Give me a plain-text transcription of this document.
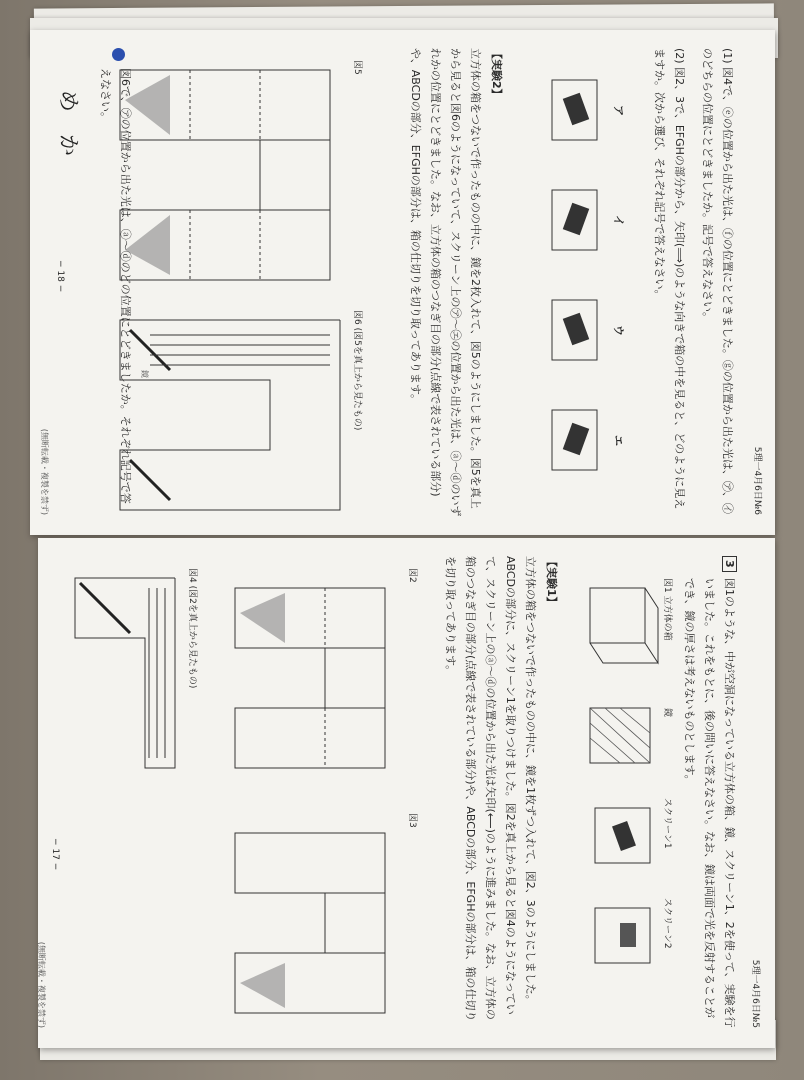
5理一4月6日№6
(1) 図4で、ⓔの位置から出た光は、ⓕの位置にとどきました。ⓖの位置から出た光は、㋐、㋑のどちらの位置にとどきましたか。記号で答えなさい。
(2) 図2、3で、EFGHの部分から、矢印(⟹)のような向きで箱の中を見ると、どのように見えますか。次から選び、それぞれ記号で答えなさい。
ア
イ
ウ
エ
【実験2】
立方体の箱をつないで作ったものの中に、鏡を2枚入れて、図5のようにしました。図5を真上から見ると図6のようになっていて、スクリーン上の㋐〜㋓の位置から出た光は、ⓐ〜ⓓのいずれかの位置にとどきました。なお、立方体の箱のつなぎ目の部分(点線で表されている部分)や、ABCDの部分、EFGHの部分は、箱の仕切りを切り取ってあります。
図5
図6 (図5を真上から見たもの)
鏡
図6で、㋐の位置から出た光は、ⓐ〜ⓓのどの位置にとどきましたか。それぞれ記号で答えなさい。
め　か
− 18 −
(無断転載・複製を禁ず)
5理一4月6日№5
3
図1のような、中が空洞になっている立方体の箱、鏡、スクリーン1、2を使って、実験を行いました。これをもとに、後の問いに答えなさい。なお、鏡は両面で光を反射することができ、鏡の厚さは考えないものとします。
図1 立方体の箱
鏡
スクリーン1
スクリーン2
【実験1】
立方体の箱をつないで作ったものの中に、鏡を1枚ずつ入れて、図2、3のようにしました。ABCDの部分に、スクリーン1を取りつけました。図2を真上から見ると図4のようになっていて、スクリーン上のⓐ〜ⓓの位置から出た光は矢印(⟵)のように進みました。なお、立方体の箱のつなぎ目の部分(点線で表されている部分)や、ABCDの部分、EFGHの部分は、箱の仕切りを切り取ってあります。
図2
図3
図4 (図2を真上から見たもの)
− 17 −
(無断転載・複製を禁ず)
